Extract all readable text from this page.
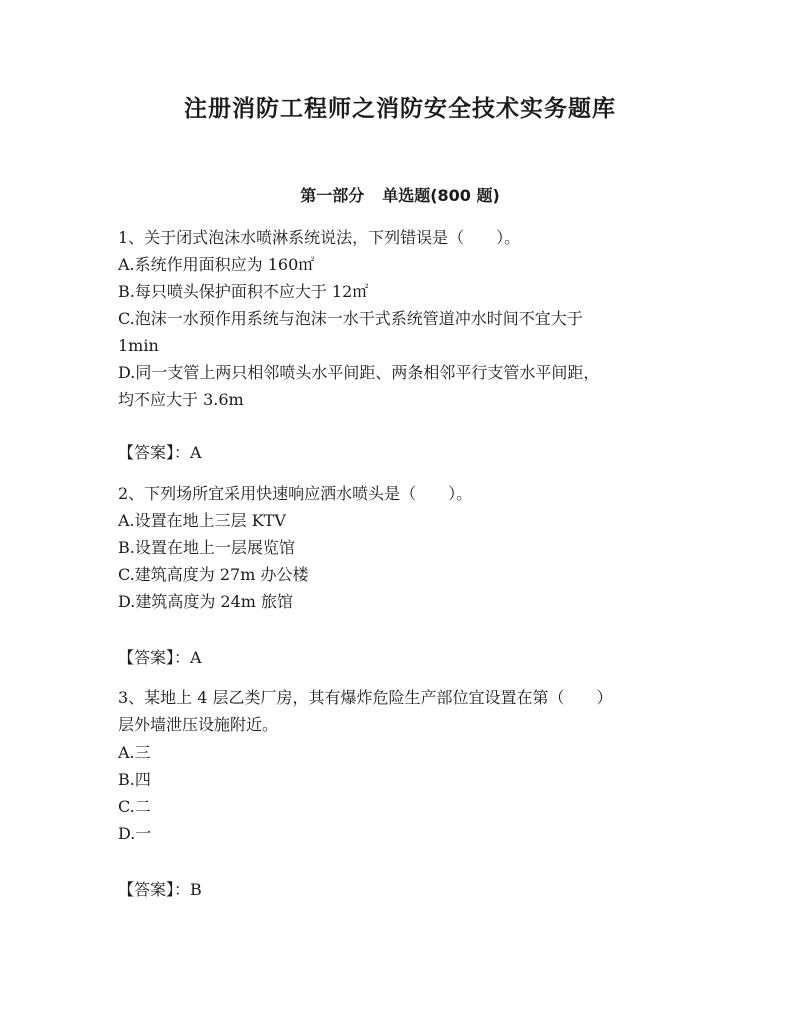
注册消防工程师之消防安全技术实务题库
第一部分 单选题(800 题)
1、关于闭式泡沫水喷淋系统说法，下列错误是（　　）。
A.系统作用面积应为 160㎡
B.每只喷头保护面积不应大于 12㎡
C.泡沫一水预作用系统与泡沫一水干式系统管道冲水时间不宜大于
1min
D.同一支管上两只相邻喷头水平间距、两条相邻平行支管水平间距，
均不应大于 3.6m
【答案】：A
2、下列场所宜采用快速响应洒水喷头是（　　）。
A.设置在地上三层 KTV
B.设置在地上一层展览馆
C.建筑高度为 27m 办公楼
D.建筑高度为 24m 旅馆
【答案】：A
3、某地上 4 层乙类厂房，其有爆炸危险生产部位宜设置在第（　　）
层外墙泄压设施附近。
A.三
B.四
C.二
D.一
【答案】：B
